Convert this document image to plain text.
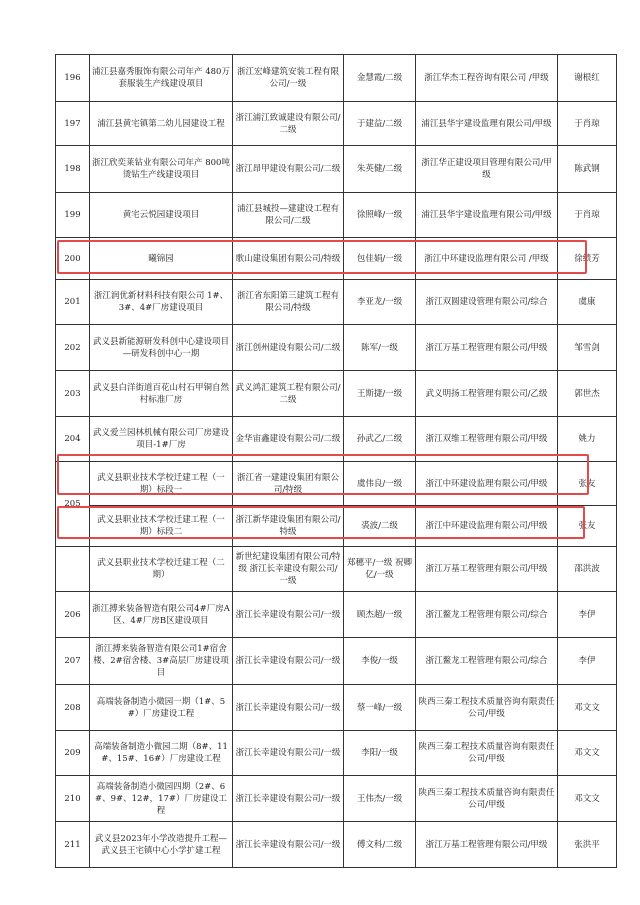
196	浦江县嘉秀服饰有限公司年产 480万套服装生产线建设项目	浙江宏峰建筑安装工程有限公司/一级	金慧霞/二级	浙江华杰工程咨询有限公司 /甲级	谢根红
197	浦江县黄宅镇第二幼儿园建设工程	浙江浦江致诚建设有限公司/二级	于建益/二级	浦江县华宇建设监理有限公司/甲级	于肖琼
198	浙江欣奕莱钻业有限公司年产 800吨烫钻生产线建设项目	浙江昂甲建设有限公司/二级	朱英健/二级	浙江华正建设项目管理有限公司/甲级	陈武钢
199	黄宅云悦园建设项目	浦江县城投—建建设工程有限公司/二级	徐照峰/一级	浦江县华宇建设监理有限公司/甲级	于肖琼
200	曦锦园	歌山建设集团有限公司/特级	包佳娟/一级	浙江中环建设监理有限公司 /甲级	徐绩芳
201	浙江润优新材料科技有限公司 1#、3#、4#厂房建设项目	浙江省东阳第三建筑工程有限公司/特级	李亚龙/一级	浙江双圆建设管理有限公司/综合	虞康
202	武义县新能源研发科创中心建设项目—研发科创中心一期	浙江创州建设有限公司/二级	陈军/一级	浙江万基工程管理有限公司/甲级	邹雪剑
203	武义县白洋街道百花山村石甲铜自然村标准厂房	武义鸿汇建筑工程有限公司/二级	王斯捷/一级	武义明扬工程管理有限公司/乙级	郭世杰
204	武义爱兰园林机械有限公司厂房建设项目-1#厂房	金华宙鑫建设有限公司/二级	孙武乙/二级	浙江双维工程管理有限公司/甲级	姚力
205	武义县职业技术学校迁建工程（一期）标段一	浙江省一建建设集团有限公司/特级	虞伟良/一级	浙江中环建设监理有限公司/甲级	张友
	武义县职业技术学校迁建工程（一期）标段二	浙江新华建设集团有限公司/特级	裘波/二级	浙江中环建设监理有限公司/甲级	张友
	武义县职业技术学校迁建工程（二期）	新世纪建设集团有限公司/特级 浙江长幸建设有限公司/一级	郑穗平/一级 祝卿亿/一级	浙江万基工程管理有限公司/甲级	邵洪波
206	浙江搏来装备智造有限公司4#厂房A区、4#厂房B区建设项目	浙江长幸建设有限公司/一级	顾杰超/一级	浙江鳌龙工程管理有限公司/综合	李伊
207	浙江搏来装备智造有限公司1#宿舍楼、2#宿舍楼、3#高层厂房建设项目	浙江长幸建设有限公司/一级	李俊/一级	浙江鳌龙工程管理有限公司/综合	李伊
208	高端装备制造小微园一期（1#、5#）厂房建设工程	浙江长幸建设有限公司/一级	蔡一峰/一级	陕西三秦工程技术质量咨询有限责任公司/甲级	邓文文
209	高端装备制造小微园二期（8#、11#、15#、16#）厂房建设工程	浙江长幸建设有限公司/一级	李阳/一级	陕西三秦工程技术质量咨询有限责任公司/甲级	邓文文
210	高端装备制造小微园四期（2#、6#、9#、12#，17#）厂房建设工程	浙江长幸建设有限公司/一级	王伟杰/一级	陕西三秦工程技术质量咨询有限责任公司/甲级	邓文文
211	武义县2023年小学改造提升工程—武义县王宅镇中心小学扩建工程	浙江长幸建设有限公司/一级	傅文科/二级	浙江万基工程管理有限公司/甲级	张洪平
